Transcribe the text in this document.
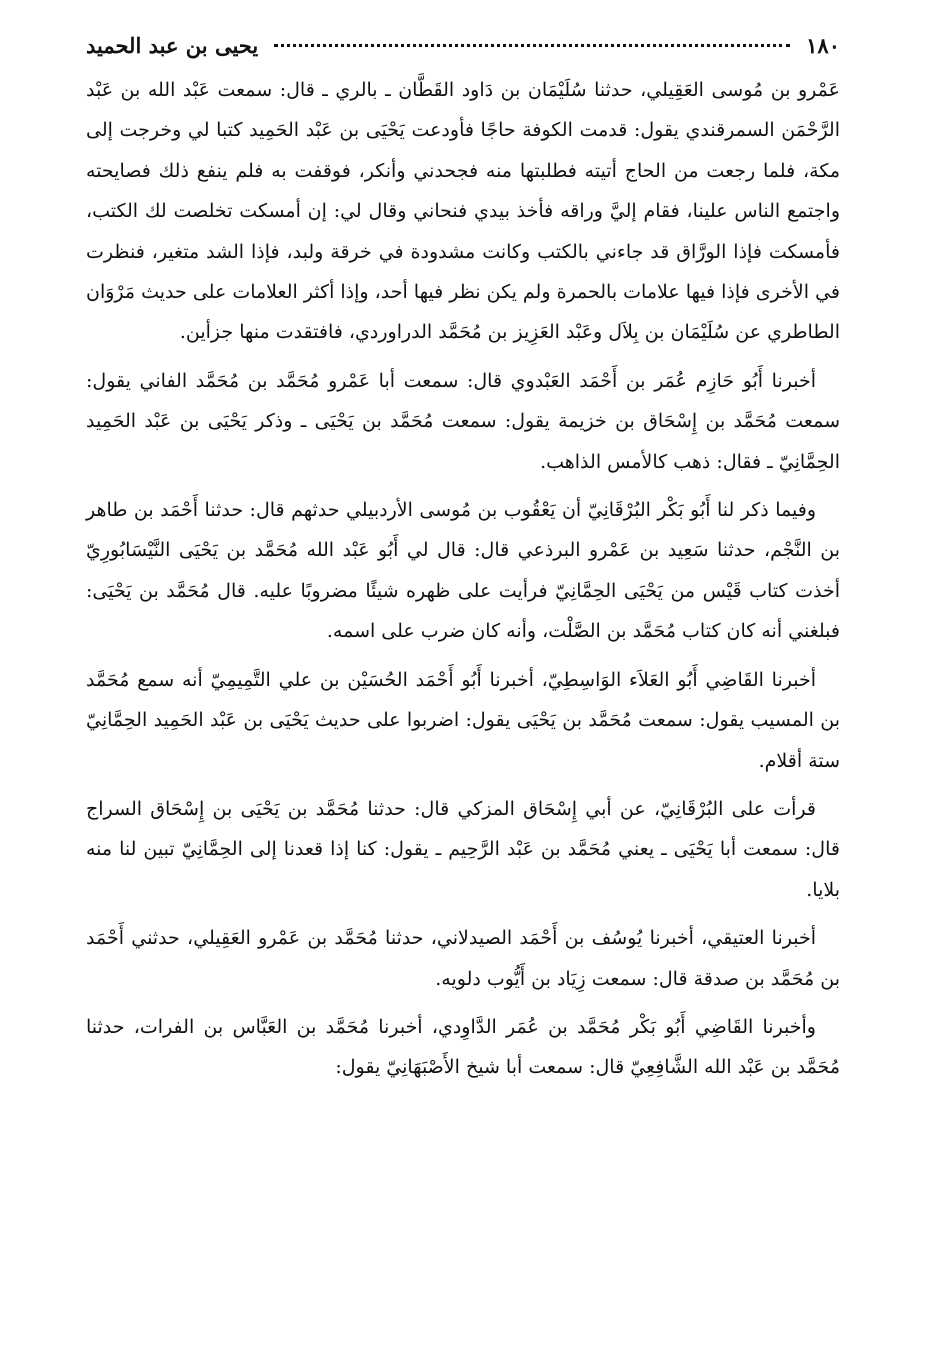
١٨٠
يحيى بن عبد الحميد

عَمْرو بن مُوسى العَقِيلي، حدثنا سُلَيْمَان بن دَاود القَطَّان ـ بالري ـ قال: سمعت عَبْد الله بن عَبْد الرَّحْمَن السمرقندي يقول: قدمت الكوفة حاجًا فأودعت يَحْيَى بن عَبْد الحَمِيد كتبا لي وخرجت إلى مكة، فلما رجعت من الحاج أتيته فطلبتها منه فجحدني وأنكر، فوقفت به فلم ينفع ذلك فصايحته واجتمع الناس علينا، فقام إليَّ وراقه فأخذ بيدي فنحاني وقال لي: إن أمسكت تخلصت لك الكتب، فأمسكت فإذا الورَّاق قد جاءني بالكتب وكانت مشدودة في خرقة ولبد، فإذا الشد متغير، فنظرت في الأخرى فإذا فيها علامات بالحمرة ولم يكن نظر فيها أحد، وإذا أكثر العلامات على حديث مَرْوَان الطاطري عن سُلَيْمَان بن بِلاَل وعَبْد العَزِيز بن مُحَمَّد الدراوردي، فافتقدت منها جزأين.

أخبرنا أَبُو حَازِم عُمَر بن أَحْمَد العَبْدوي قال: سمعت أبا عَمْرو مُحَمَّد بن مُحَمَّد الفاني يقول: سمعت مُحَمَّد بن إِسْحَاق بن خزيمة يقول: سمعت مُحَمَّد بن يَحْيَى ـ وذكر يَحْيَى بن عَبْد الحَمِيد الحِمَّانِيّ ـ فقال: ذهب كالأمس الذاهب.

وفيما ذكر لنا أَبُو بَكْر البُرْقَانِيّ أن يَعْقُوب بن مُوسى الأردبيلي حدثهم قال: حدثنا أَحْمَد بن طاهر بن النَّجْم، حدثنا سَعِيد بن عَمْرو البرذعي قال: قال لي أَبُو عَبْد الله مُحَمَّد بن يَحْيَى النَّيْسَابُورِيّ أخذت كتاب قَيْس من يَحْيَى الحِمَّانِيّ فرأيت على ظهره شيئًا مضروبًا عليه. قال مُحَمَّد بن يَحْيَى: فبلغني أنه كان كتاب مُحَمَّد بن الصَّلْت، وأنه كان ضرب على اسمه.

أخبرنا القَاضِي أَبُو العَلاَء الوَاسِطِيّ، أخبرنا أَبُو أَحْمَد الحُسَيْن بن علي التَّمِيمِيّ أنه سمع مُحَمَّد بن المسيب يقول: سمعت مُحَمَّد بن يَحْيَى يقول: اضربوا على حديث يَحْيَى بن عَبْد الحَمِيد الحِمَّانِيّ ستة أقلام.

قرأت على البُرْقَانِيّ، عن أبي إِسْحَاق المزكي قال: حدثنا مُحَمَّد بن يَحْيَى بن إِسْحَاق السراج قال: سمعت أبا يَحْيَى ـ يعني مُحَمَّد بن عَبْد الرَّحِيم ـ يقول: كنا إذا قعدنا إلى الحِمَّانِيّ تبين لنا منه بلايا.

أخبرنا العتيقي، أخبرنا يُوسُف بن أَحْمَد الصيدلاني، حدثنا مُحَمَّد بن عَمْرو العَقِيلي، حدثني أَحْمَد بن مُحَمَّد بن صدقة قال: سمعت زِيَاد بن أَيُّوب دلويه.

وأخبرنا القَاضِي أَبُو بَكْر مُحَمَّد بن عُمَر الدَّاوِدي، أخبرنا مُحَمَّد بن العَبَّاس بن الفرات، حدثنا مُحَمَّد بن عَبْد الله الشَّافِعِيّ قال: سمعت أبا شيخ الأَصْبَهَانِيّ يقول:
